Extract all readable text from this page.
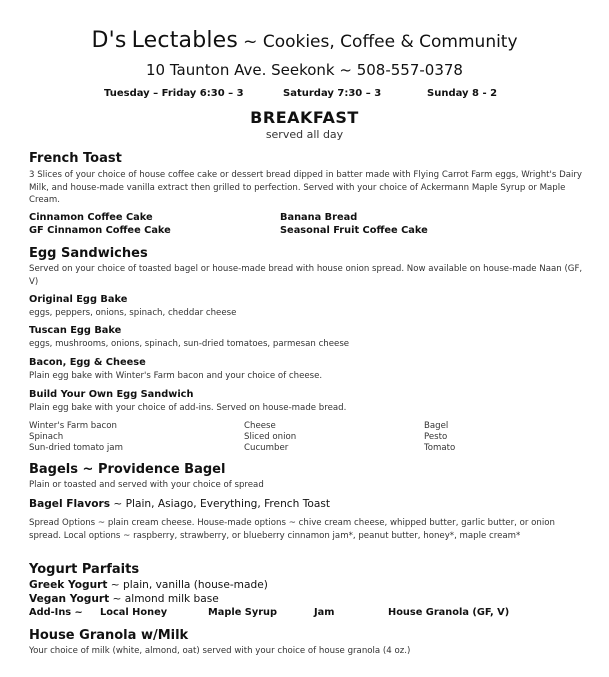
D's Lectables ~ Cookies, Coffee & Community
10 Taunton Ave. Seekonk ~ 508-557-0378
Tuesday – Friday 6:30 – 3	Saturday 7:30 – 3	Sunday 8 - 2
BREAKFAST
served all day
French Toast
3 Slices of your choice of house coffee cake or dessert bread dipped in batter made with Flying Carrot Farm eggs, Wright's Dairy Milk, and house-made vanilla extract then grilled to perfection. Served with your choice of Ackermann Maple Syrup or Maple Cream.
Cinnamon Coffee Cake	Banana Bread
GF Cinnamon Coffee Cake	Seasonal Fruit Coffee Cake
Egg Sandwiches
Served on your choice of toasted bagel or house-made bread with house onion spread. Now available on house-made Naan (GF, V)
Original Egg Bake
eggs, peppers, onions, spinach, cheddar cheese
Tuscan Egg Bake
eggs, mushrooms, onions, spinach, sun-dried tomatoes, parmesan cheese
Bacon, Egg & Cheese
Plain egg bake with Winter's Farm bacon and your choice of cheese.
Build Your Own Egg Sandwich
Plain egg bake with your choice of add-ins. Served on house-made bread.
Winter's Farm bacon	Cheese	Bagel
Spinach	Sliced onion	Pesto
Sun-dried tomato jam	Cucumber	Tomato
Bagels ~ Providence Bagel
Plain or toasted and served with your choice of spread
Bagel Flavors ~ Plain, Asiago, Everything, French Toast
Spread Options ~ plain cream cheese. House-made options ~ chive cream cheese, whipped butter, garlic butter, or onion spread. Local options ~ raspberry, strawberry, or blueberry cinnamon jam*, peanut butter, honey*, maple cream*
Yogurt Parfaits
Greek Yogurt ~ plain, vanilla (house-made)
Vegan Yogurt ~ almond milk base
Add-Ins ~ Local Honey	Maple Syrup	Jam	House Granola (GF, V)
House Granola w/Milk
Your choice of milk (white, almond, oat) served with your choice of house granola (4 oz.)
